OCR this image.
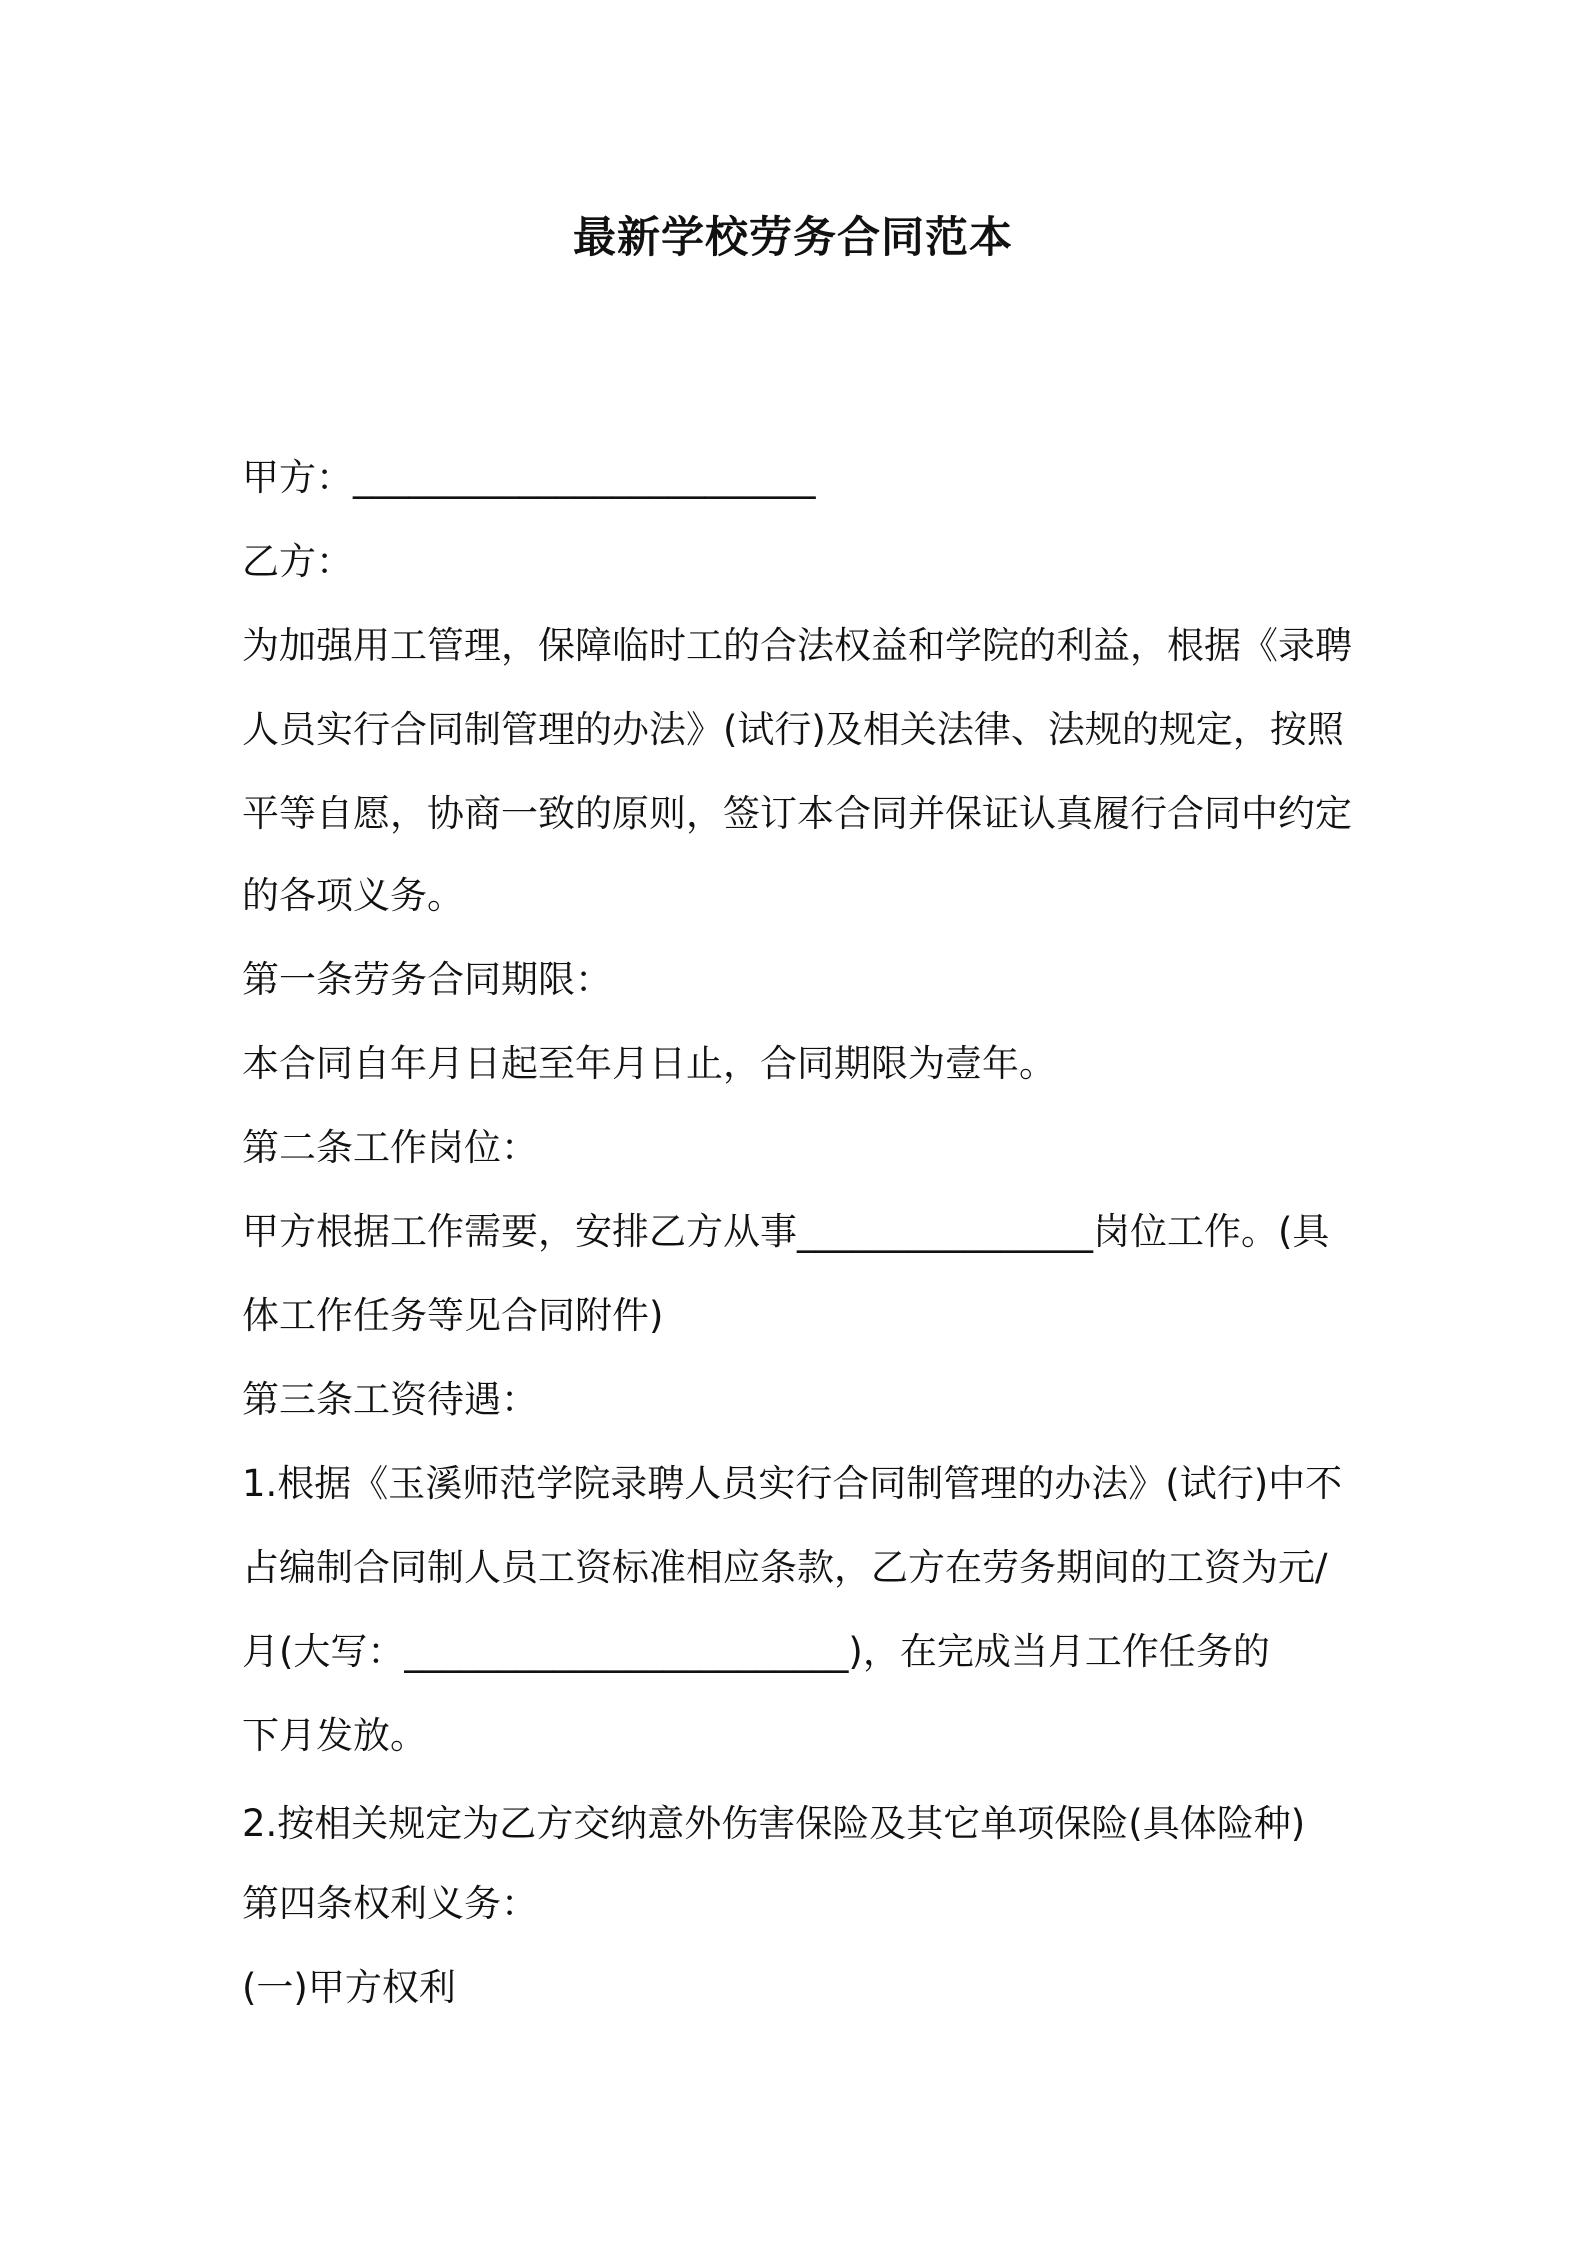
最新学校劳务合同范本
甲方：_________________________
乙方：
为加强用工管理，保障临时工的合法权益和学院的利益，根据《录聘
人员实行合同制管理的办法》(试行)及相关法律、法规的规定，按照
平等自愿，协商一致的原则，签订本合同并保证认真履行合同中约定
的各项义务。
第一条劳务合同期限：
本合同自年月日起至年月日止，合同期限为壹年。
第二条工作岗位：
甲方根据工作需要，安排乙方从事________________岗位工作。(具
体工作任务等见合同附件)
第三条工资待遇：
1.根据《玉溪师范学院录聘人员实行合同制管理的办法》(试行)中不
占编制合同制人员工资标准相应条款，乙方在劳务期间的工资为元/
月(大写：________________________)，在完成当月工作任务的
下月发放。
2.按相关规定为乙方交纳意外伤害保险及其它单项保险(具体险种)
第四条权利义务：
(一)甲方权利
